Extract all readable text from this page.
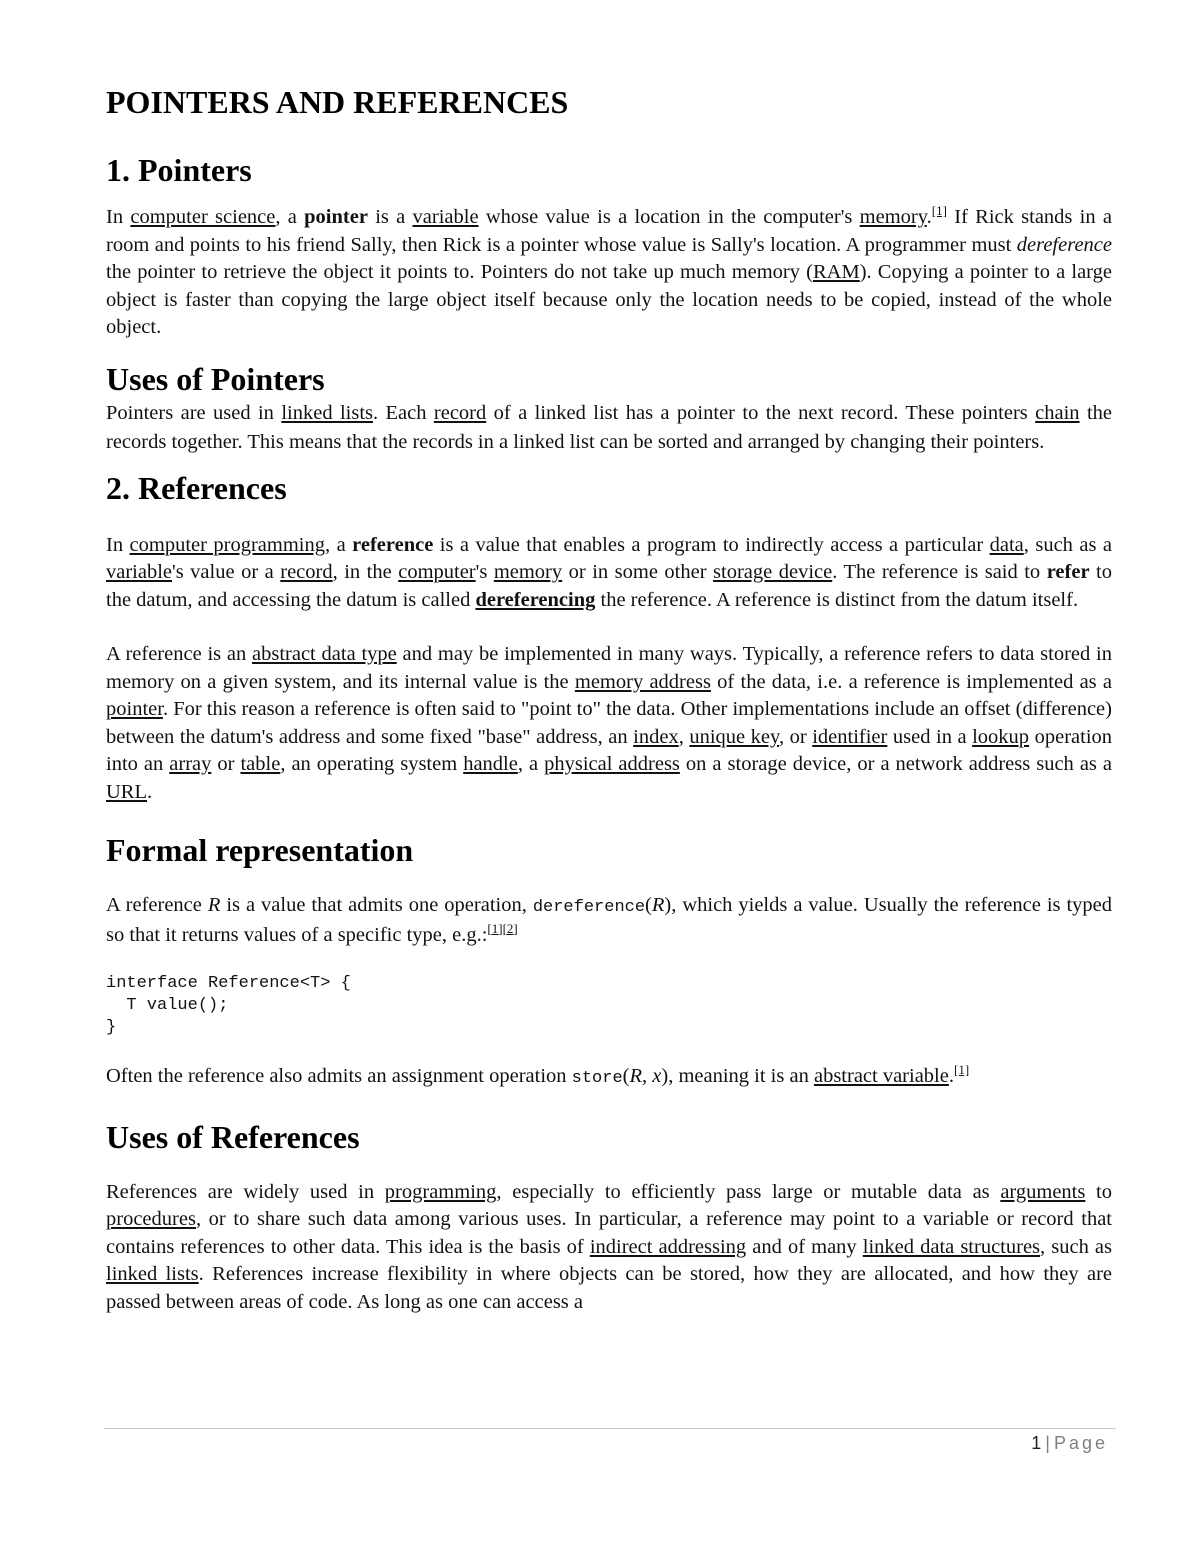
POINTERS AND REFERENCES
1. Pointers

In computer science, a pointer is a variable whose value is a location in the computer's memory.[1] If Rick stands in a room and points to his friend Sally, then Rick is a pointer whose value is Sally's location. A programmer must dereference the pointer to retrieve the object it points to. Pointers do not take up much memory (RAM). Copying a pointer to a large object is faster than copying the large object itself because only the location needs to be copied, instead of the whole object.

Uses of Pointers

Pointers are used in linked lists. Each record of a linked list has a pointer to the next record. These pointers chain the records together. This means that the records in a linked list can be sorted and arranged by changing their pointers.

2. References

In computer programming, a reference is a value that enables a program to indirectly access a particular data, such as a variable's value or a record, in the computer's memory or in some other storage device. The reference is said to refer to the datum, and accessing the datum is called dereferencing the reference. A reference is distinct from the datum itself.

A reference is an abstract data type and may be implemented in many ways. Typically, a reference refers to data stored in memory on a given system, and its internal value is the memory address of the data, i.e. a reference is implemented as a pointer. For this reason a reference is often said to "point to" the data. Other implementations include an offset (difference) between the datum's address and some fixed "base" address, an index, unique key, or identifier used in a lookup operation into an array or table, an operating system handle, a physical address on a storage device, or a network address such as a URL.

Formal representation

A reference R is a value that admits one operation, dereference(R), which yields a value. Usually the reference is typed so that it returns values of a specific type, e.g.:[1][2]

interface Reference<T> {
T value();
}

Often the reference also admits an assignment operation store(R, x), meaning it is an abstract variable.[1]

Uses of References

References are widely used in programming, especially to efficiently pass large or mutable data as arguments to procedures, or to share such data among various uses. In particular, a reference may point to a variable or record that contains references to other data. This idea is the basis of indirect addressing and of many linked data structures, such as linked lists. References increase flexibility in where objects can be stored, how they are allocated, and how they are passed between areas of code. As long as one can access a

1 | Page
